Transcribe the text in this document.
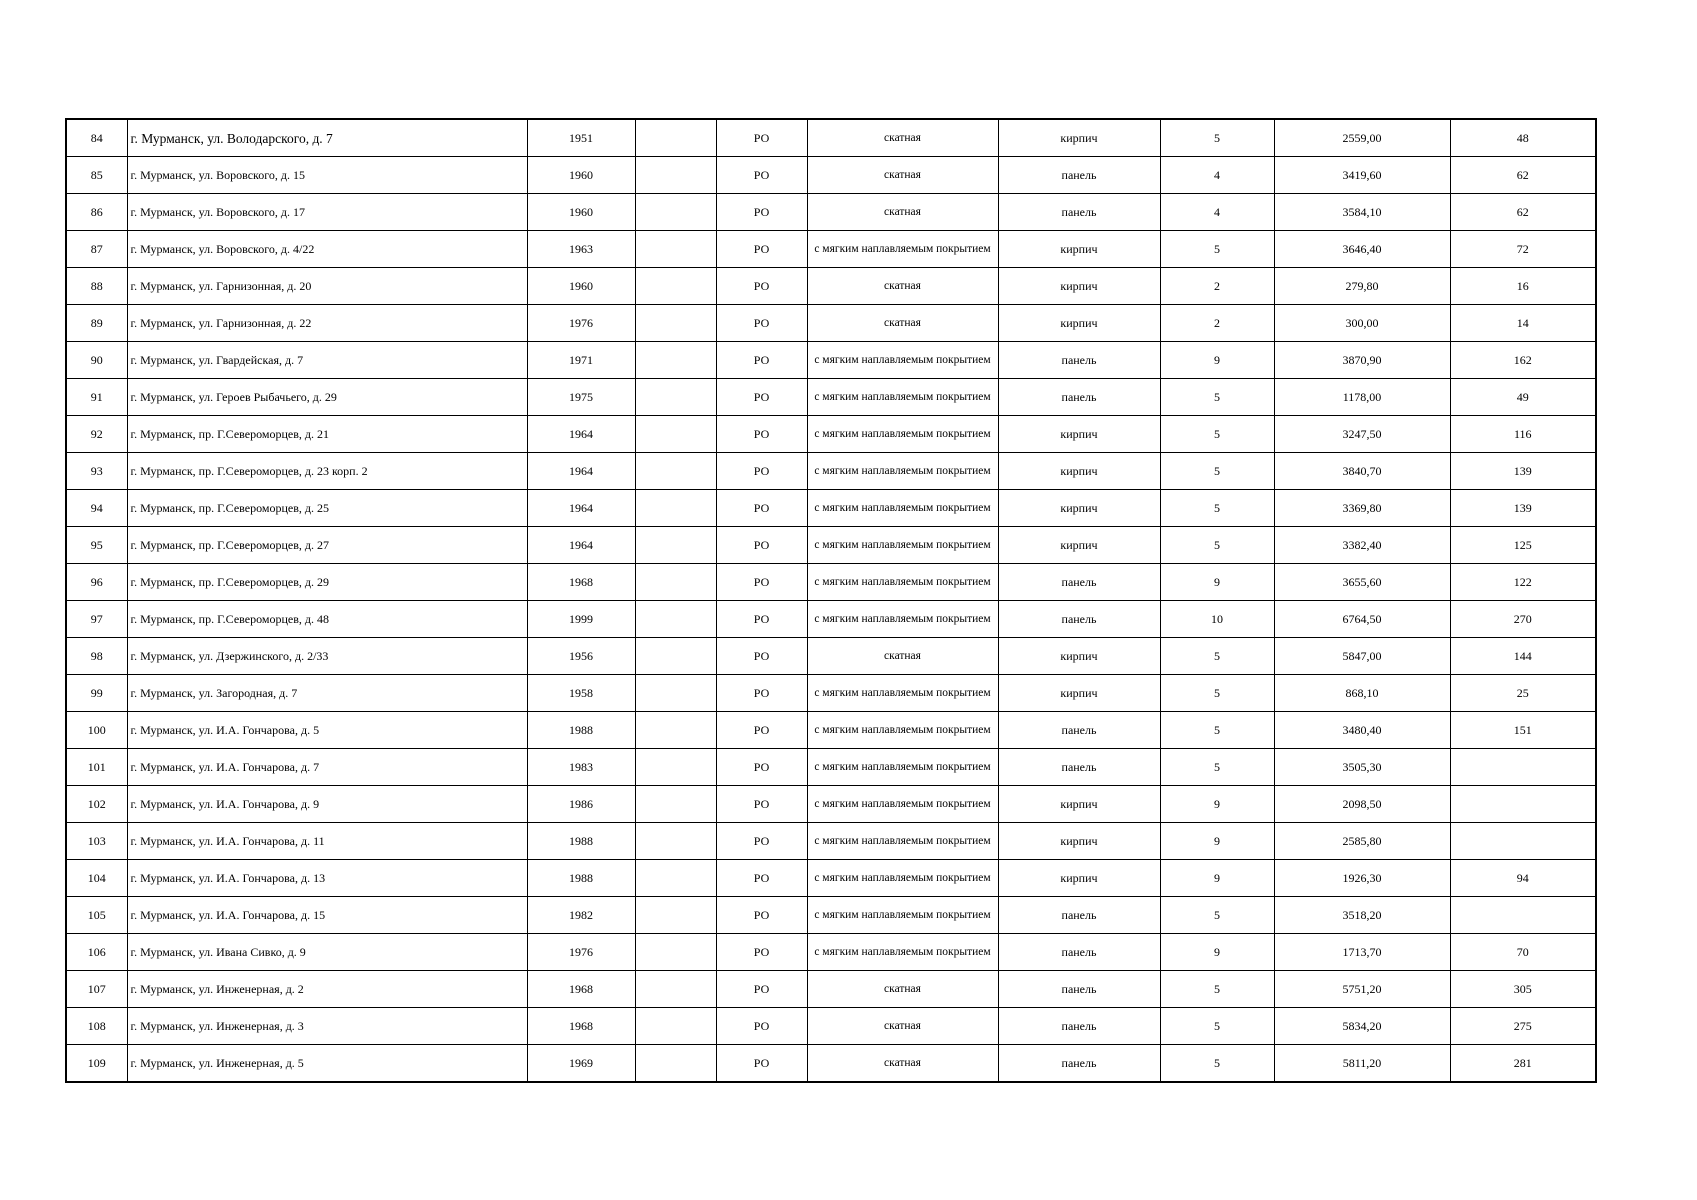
84	г. Мурманск, ул. Володарского, д. 7	1951		РО	скатная	кирпич	5	2559,00	48
85	г. Мурманск, ул. Воровского, д. 15	1960		РО	скатная	панель	4	3419,60	62
86	г. Мурманск, ул. Воровского, д. 17	1960		РО	скатная	панель	4	3584,10	62
87	г. Мурманск, ул. Воровского, д. 4/22	1963		РО	с мягким наплавляемым покрытием	кирпич	5	3646,40	72
88	г. Мурманск, ул. Гарнизонная, д. 20	1960		РО	скатная	кирпич	2	279,80	16
89	г. Мурманск, ул. Гарнизонная, д. 22	1976		РО	скатная	кирпич	2	300,00	14
90	г. Мурманск, ул. Гвардейская, д. 7	1971		РО	с мягким наплавляемым покрытием	панель	9	3870,90	162
91	г. Мурманск, ул. Героев Рыбачьего, д. 29	1975		РО	с мягким наплавляемым покрытием	панель	5	1178,00	49
92	г. Мурманск, пр. Г.Североморцев, д. 21	1964		РО	с мягким наплавляемым покрытием	кирпич	5	3247,50	116
93	г. Мурманск, пр. Г.Североморцев, д. 23 корп. 2	1964		РО	с мягким наплавляемым покрытием	кирпич	5	3840,70	139
94	г. Мурманск, пр. Г.Североморцев, д. 25	1964		РО	с мягким наплавляемым покрытием	кирпич	5	3369,80	139
95	г. Мурманск, пр. Г.Североморцев, д. 27	1964		РО	с мягким наплавляемым покрытием	кирпич	5	3382,40	125
96	г. Мурманск, пр. Г.Североморцев, д. 29	1968		РО	с мягким наплавляемым покрытием	панель	9	3655,60	122
97	г. Мурманск, пр. Г.Североморцев, д. 48	1999		РО	с мягким наплавляемым покрытием	панель	10	6764,50	270
98	г. Мурманск, ул. Дзержинского, д. 2/33	1956		РО	скатная	кирпич	5	5847,00	144
99	г. Мурманск, ул. Загородная, д. 7	1958		РО	с мягким наплавляемым покрытием	кирпич	5	868,10	25
100	г. Мурманск, ул. И.А. Гончарова, д. 5	1988		РО	с мягким наплавляемым покрытием	панель	5	3480,40	151
101	г. Мурманск, ул. И.А. Гончарова, д. 7	1983		РО	с мягким наплавляемым покрытием	панель	5	3505,30	
102	г. Мурманск, ул. И.А. Гончарова, д. 9	1986		РО	с мягким наплавляемым покрытием	кирпич	9	2098,50	
103	г. Мурманск, ул. И.А. Гончарова, д. 11	1988		РО	с мягким наплавляемым покрытием	кирпич	9	2585,80	
104	г. Мурманск, ул. И.А. Гончарова, д. 13	1988		РО	с мягким наплавляемым покрытием	кирпич	9	1926,30	94
105	г. Мурманск, ул. И.А. Гончарова, д. 15	1982		РО	с мягким наплавляемым покрытием	панель	5	3518,20	
106	г. Мурманск, ул. Ивана Сивко, д. 9	1976		РО	с мягким наплавляемым покрытием	панель	9	1713,70	70
107	г. Мурманск, ул. Инженерная, д. 2	1968		РО	скатная	панель	5	5751,20	305
108	г. Мурманск, ул. Инженерная, д. 3	1968		РО	скатная	панель	5	5834,20	275
109	г. Мурманск, ул. Инженерная, д. 5	1969		РО	скатная	панель	5	5811,20	281
